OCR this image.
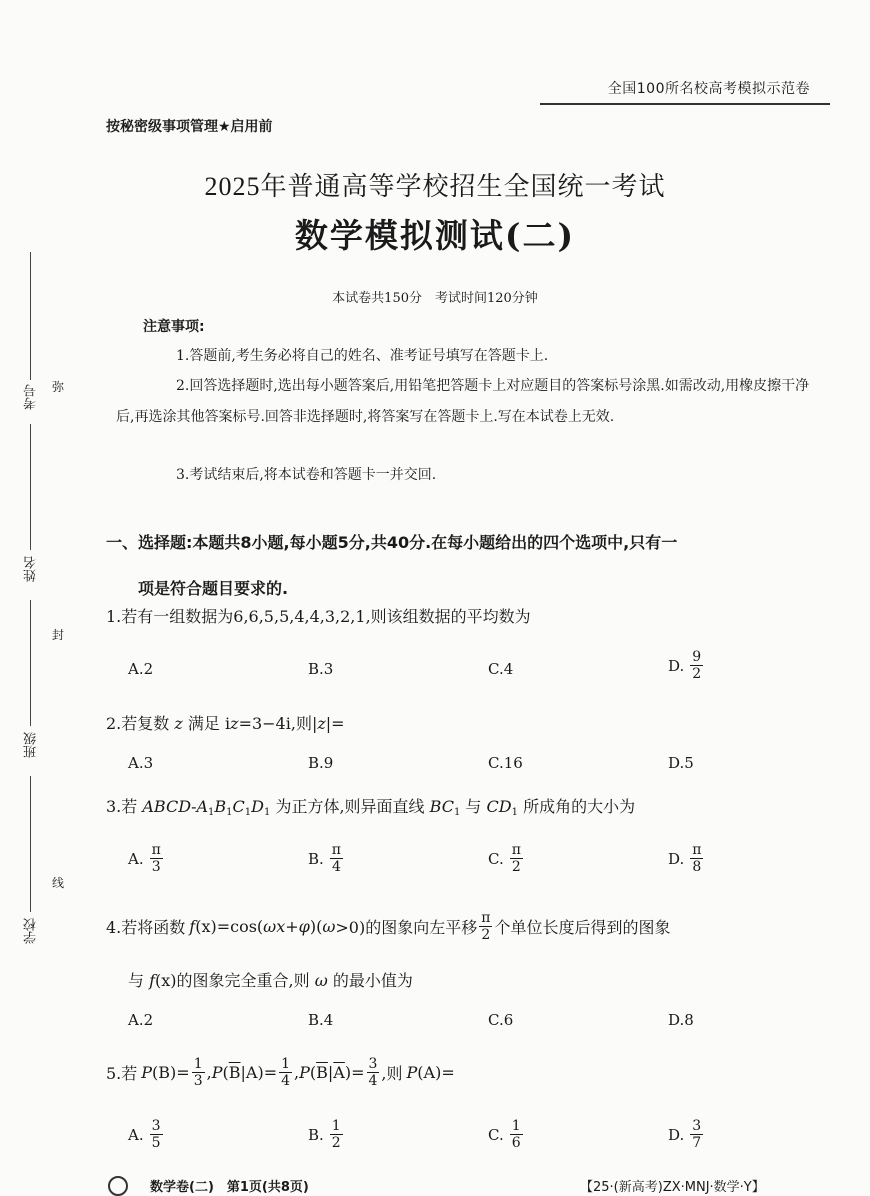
全国100所名校高考模拟示范卷
按秘密级事项管理★启用前
2025年普通高等学校招生全国统一考试
数学模拟测试(二)
本试卷共150分　考试时间120分钟
注意事项:
1.答题前,考生务必将自己的姓名、准考证号填写在答题卡上.
2.回答选择题时,选出每小题答案后,用铅笔把答题卡上对应题目的答案标号涂黑.如需改动,用橡皮擦干净后,再选涂其他答案标号.回答非选择题时,将答案写在答题卡上.写在本试卷上无效.
3.考试结束后,将本试卷和答题卡一并交回.
一、选择题:本题共8小题,每小题5分,共40分.在每小题给出的四个选项中,只有一
项是符合题目要求的.
1.若有一组数据为6,6,5,5,4,4,3,2,1,则该组数据的平均数为
A.2	B.3	C.4	D. $\frac{9}{2}$
2.若复数 z 满足 iz=3−4i,则|z|=
A.3	B.9	C.16	D.5
3.若 ABCD-$A_1B_1C_1D_1$ 为正方体,则异面直线 $BC_1$ 与 $CD_1$ 所成角的大小为
A. $\frac{\pi}{3}$	B. $\frac{\pi}{4}$	C. $\frac{\pi}{2}$	D. $\frac{\pi}{8}$
4.若将函数 f (x)=cos( ωx + φ )( ω >0)的图象向左平移 $\frac{\pi}{2}$ 个单位长度后得到的图象
与 f(x)的图象完全重合,则 ω 的最小值为
A.2	B.4	C.6	D.8
5.若 P $(B)= \frac{1}{3}$ , P ( $\overline{B}$ $|A)= \frac{1}{4}$ , P ( $\overline{B}$ | $\overline{A}$ )= $\frac{3}{4}$ ,则 P (A)=
A. $\frac{3}{5}$	B. $\frac{1}{2}$	C. $\frac{1}{6}$	D. $\frac{3}{7}$
考号
姓名
班级
学校
弥
封
线
数学卷(二)　第1页(共8页)	【25·(新高考)ZX·MNJ·数学·Y】
